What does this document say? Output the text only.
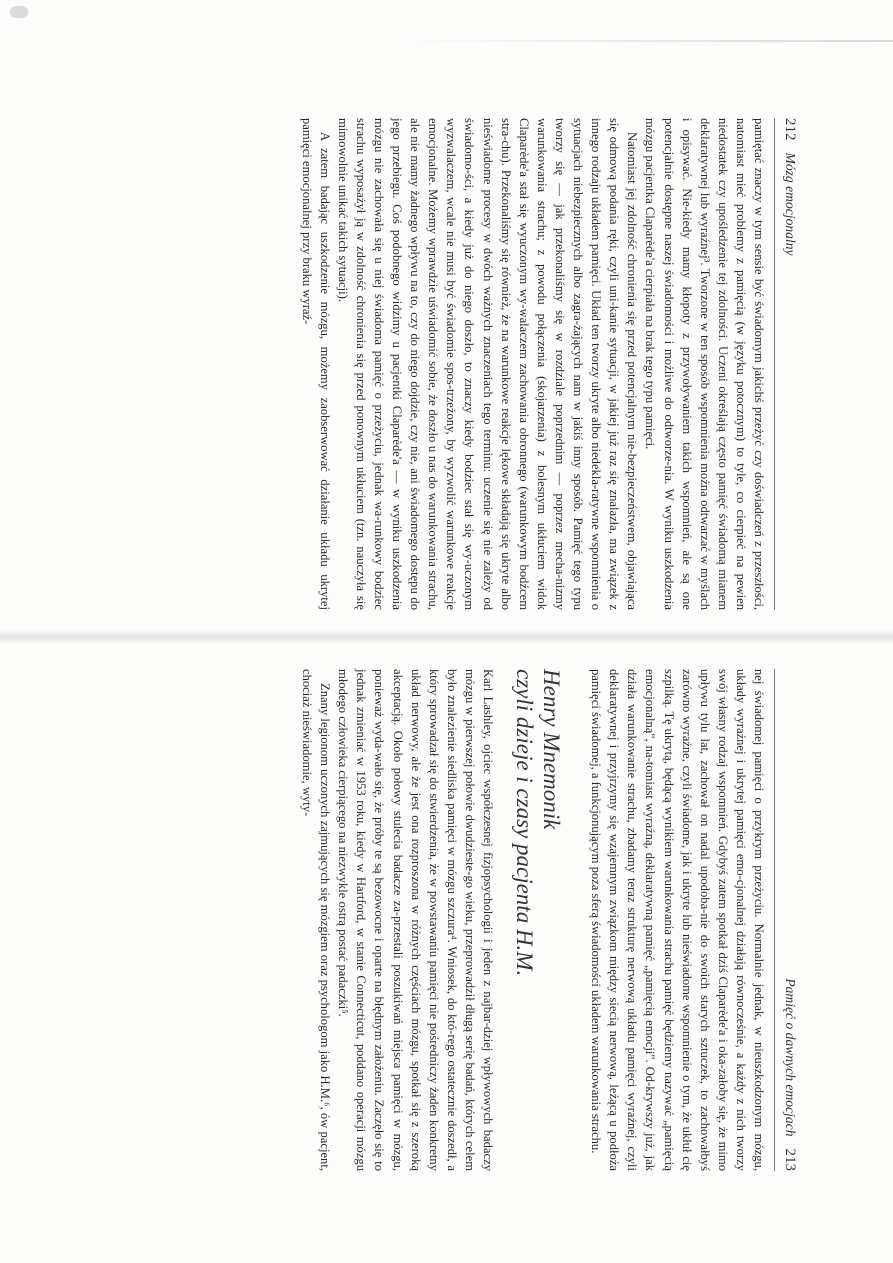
212
Mózg emocjonalny

pamiętać znaczy w tym sensie być świadomym jakichś przeżyć czy doświadczeń z przeszłości, natomiast mieć problemy z pamięcią (w języku potocznym) to tyle, co cierpieć na pewien niedostatek czy upośledzenie tej zdolności. Uczeni określają często pamięć świadomą mianem deklaratywnej lub wyraźnej³. Tworzone w ten sposób wspomnienia można odtwarzać w myślach i opisywać. Nie-kiedy mamy kłopoty z przywoływaniem takich wspomnień, ale są one potencjalnie dostępne naszej świadomości i możliwe do odtworze-nia. W wyniku uszkodzenia mózgu pacjentka Claparède'a cierpiała na brak tego typu pamięci.

Natomiast jej zdolność chronienia się przed potencjalnym nie-bezpieczeństwem, objawiająca się odmową podania ręki, czyli uni-kanie sytuacji, w jakiej już raz się znalazła, ma związek z innego rodzaju układem pamięci. Układ ten tworzy ukryte albo niedekla-ratywne wspomnienia o sytuacjach niebezpiecznych albo zagra-żających nam w jakiś inny sposób. Pamięć tego typu tworzy się — jak przekonaliśmy się w rozdziale poprzednim — poprzez mecha-nizmy warunkowania strachu; z powodu połączenia (skojarzenia) z bolesnym ukłuciem widok Claparède'a stał się wyuczonym wy-walaczem zachowania obronnego (warunkowym bodźcem stra-chu). Przekonaliśmy się również, że na warunkowe reakcje lękowe składają się ukryte albo nieświadome procesy w dwóch ważnych znaczeniach tego terminu: uczenie się nie zależy od świadomo-ści, a kiedy już do niego doszło, to znaczy kiedy bodziec stał się wy-uczonym wyzwalaczem, wcale nie musi być świadomie spos-trzeżony, by wyzwolić warunkowe reakcje emocjonalne. Możemy wprawdzie uświadomić sobie, że doszło u nas do warunkowania strachu, ale nie mamy żadnego wpływu na to, czy do niego dojdzie, czy nie, ani świadomego dostępu do jego przebiegu. Coś podobnego widzimy u pacjentki Claparède'a — w wyniku uszkodzenia mózgu nie zachowała się u niej świadoma pamięć o przeżyciu, jednak wa-runkowy bodziec strachu wyposażył ją w zdolność chronienia się przed ponownym ukłuciem (tzn. nauczyła się mimowolnie unikać takich sytuacji).

A zatem badając uszkodzenie mózgu, możemy zaobserwować działanie układu ukrytej pamięci emocjonalnej przy braku wyraź-

Pamięć o dawnych emocjach
213

nej świadomej pamięci o przykrym przeżyciu. Normalnie jednak, w nieuszkodzonym mózgu, układy wyraźnej i ukrytej pamięci emo-cjonalnej działają równocześnie, a każdy z nich tworzy swój własny rodzaj wspomnień. Gdybyś zatem spotkał dziś Claparède'a i oka-załoby się, że mimo upływu tylu lat, zachował on nadal upodoba-nie do swoich starych sztuczek, to zachowałbyś zarówno wyraźne, czyli świadome, jak i ukryte lub nieświadome wspomnienie o tym, że ukłuł cię szpilką. Tę ukrytą, będącą wynikiem warunkowania strachu pamięć będziemy nazywać „pamięcią emocjonalną", na-tomiast wyraźną, deklaratywną pamięć „pamięcią emocji". Od-krywszy już, jak działa warunkowanie strachu, zbadamy teraz strukturę nerwową układu pamięci wyraźnej, czyli deklaratywnej i przyjrzymy się wzajemnym związkom między siecią nerwową, leżącą u podłoża pamięci świadomej, a funkcjonującym poza sferą świadomości układem warunkowania strachu.

Henry Mnemonik
czyli dzieje i czasy pacjenta H.M.

Karl Lashley, ojciec współczesnej fizjopsychologii i jeden z najbar-dziej wpływowych badaczy mózgu w pierwszej połowie dwudzieste-go wieku, przeprowadził długą serię badań, których celem było znalezienie siedliska pamięci w mózgu szczura⁴. Wniosek, do któ-rego ostatecznie doszedł, a który sprowadzał się do stwierdzenia, że w powstawaniu pamięci nie pośredniczy żaden konkretny układ nerwowy, ale że jest ona rozproszona w różnych częściach mózgu, spotkał się z szeroką akceptacją. Około połowy stulecia badacze za-przestali poszukiwań miejsca pamięci w mózgu, ponieważ wyda-wało się, że próby te są bezowocne i oparte na błędnym założeniu. Zaczęło się to jednak zmieniać w 1953 roku, kiedy w Hartford, w stanie Connecticut, poddano operacji mózgu młodego człowieka cierpiącego na niezwykle ostrą postać padaczki⁵.

Znany legionom uczonych zajmujących się mózgiem oraz psychologom jako H.M.⁶, ów pacjent, chociaż nieświadomie, wyty-
